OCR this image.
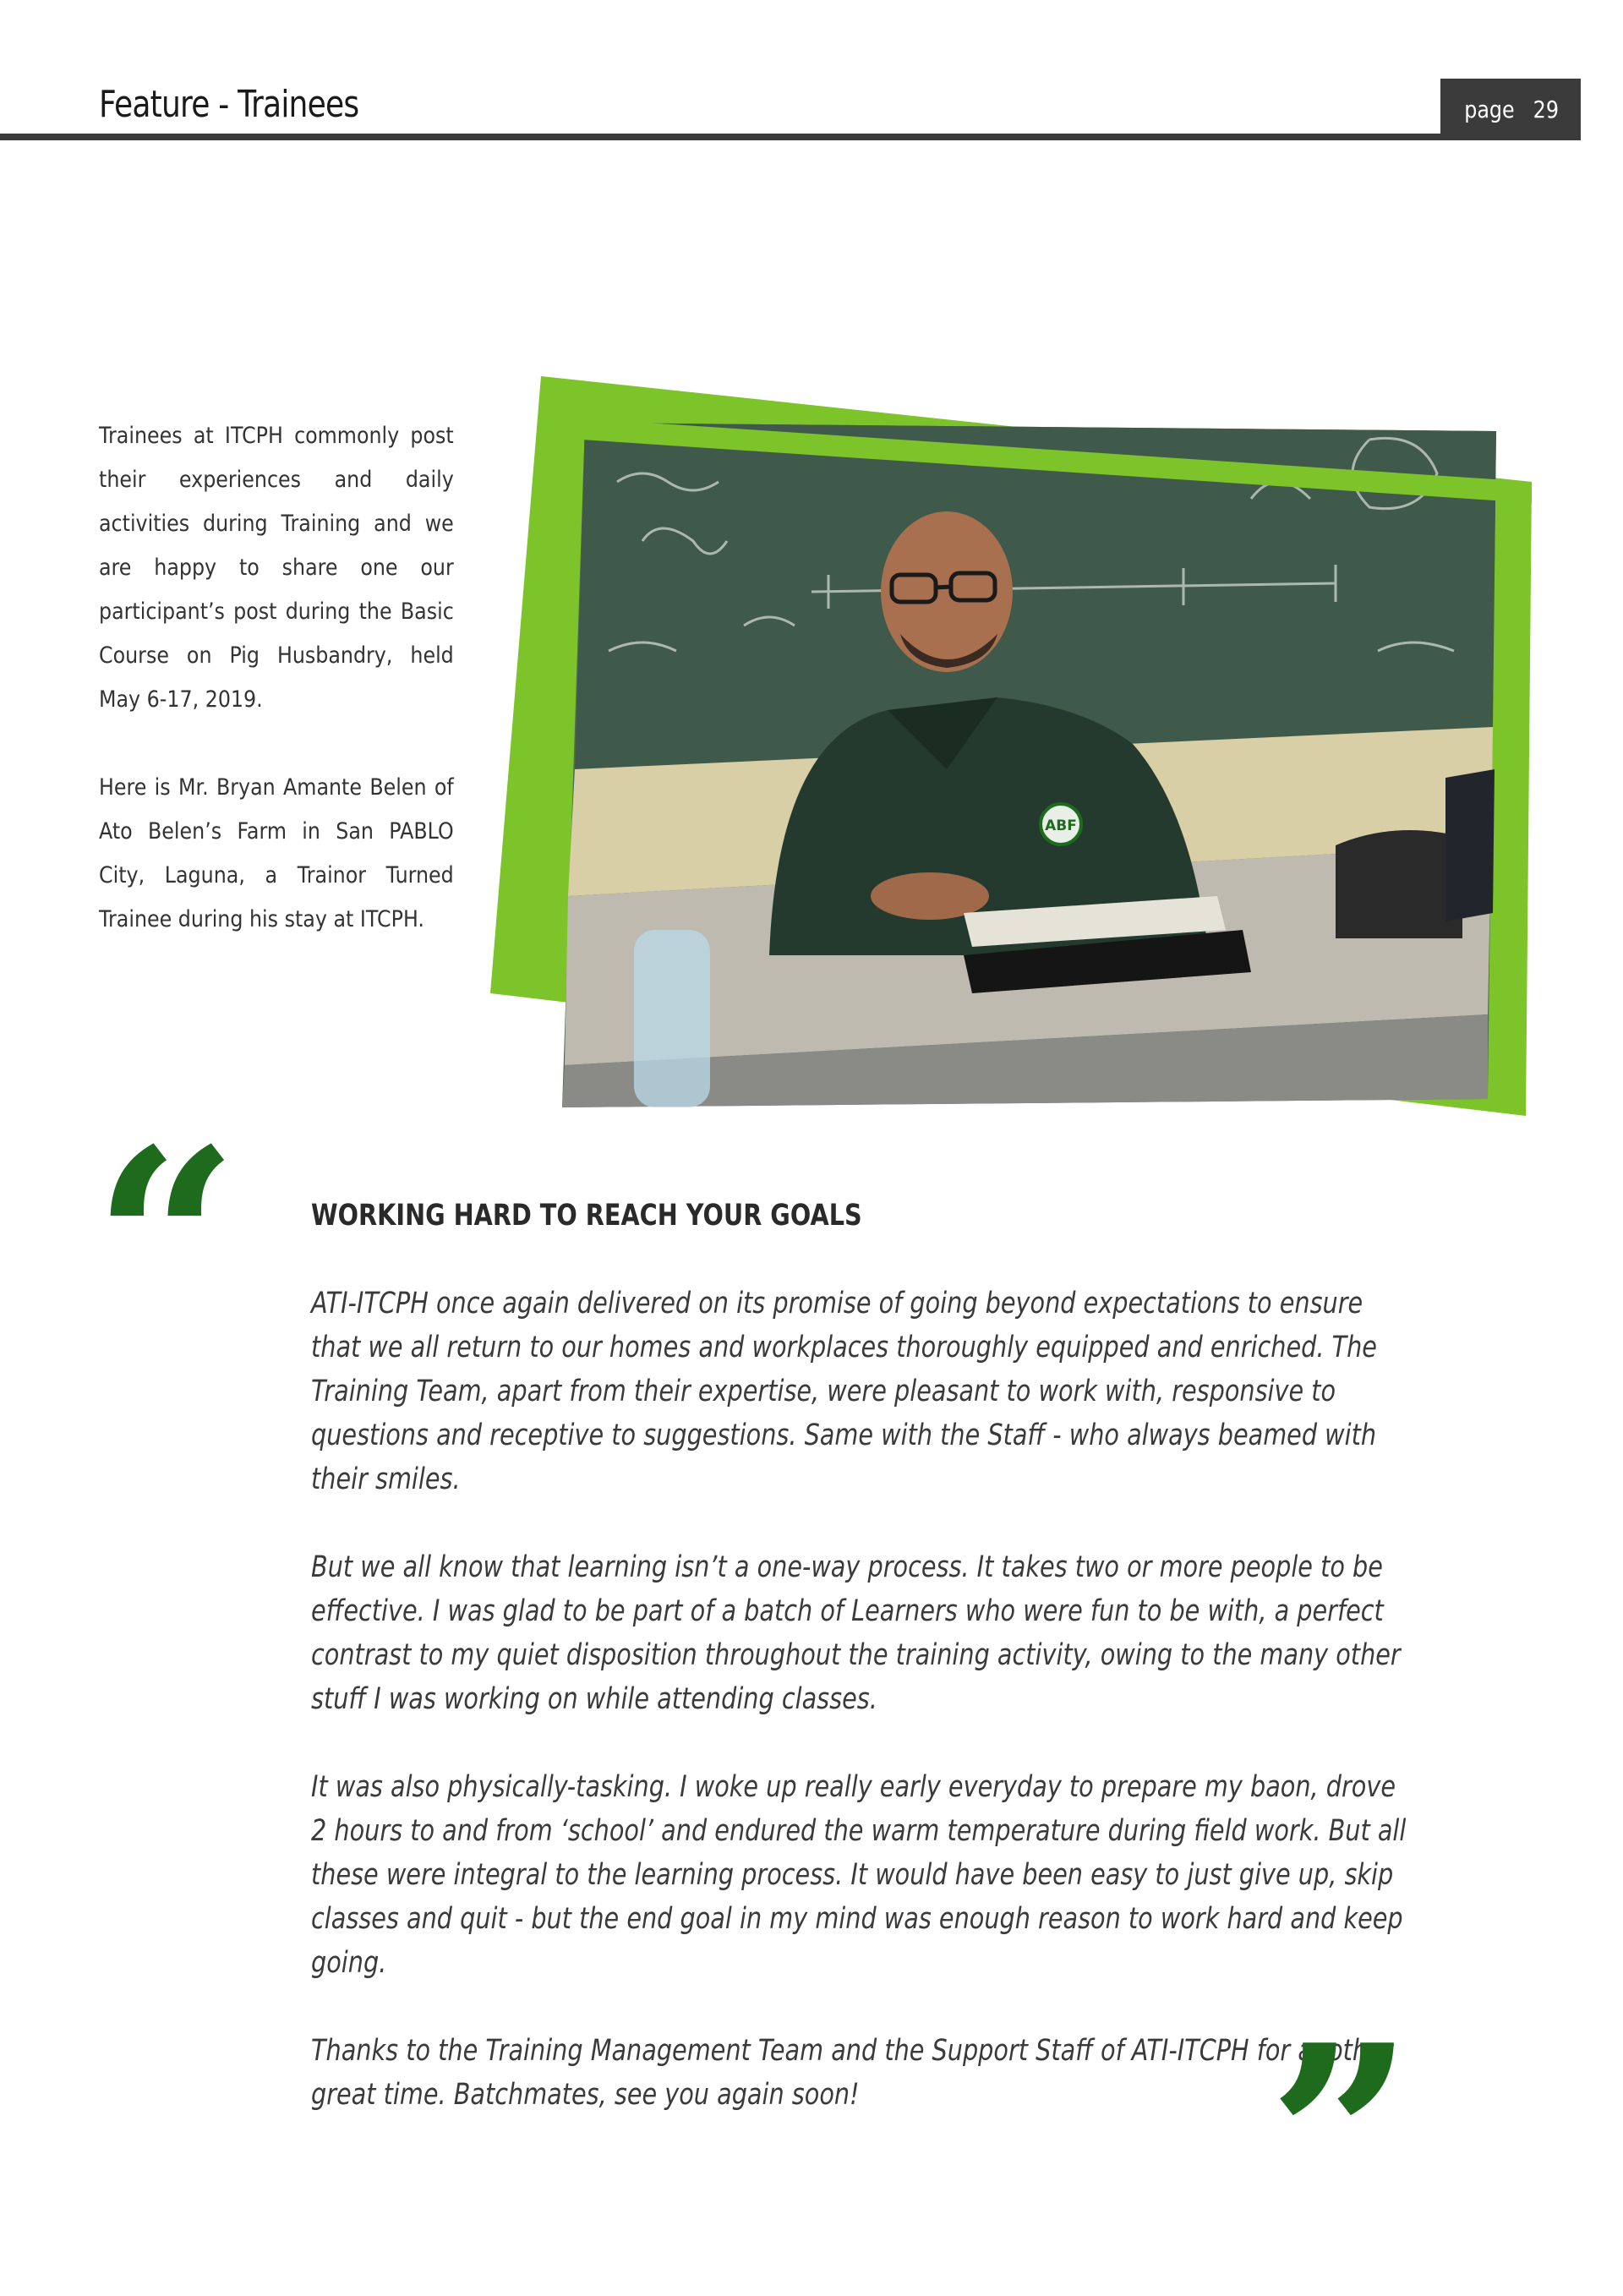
Feature - Trainees	page 29

Trainees at ITCPH commonly post their experiences and daily activities during Training and we are happy to share one our participant’s post during the Basic Course on Pig Husbandry, held May 6-17, 2019.

Here is Mr. Bryan Amante Belen of Ato Belen’s Farm in San PABLO City, Laguna, a Trainor Turned Trainee during his stay at ITCPH.

ABF
“ WORKING HARD TO REACH YOUR GOALS

ATI-ITCPH once again delivered on its promise of going beyond expectations to ensure that we all return to our homes and workplaces thoroughly equipped and enriched. The Training Team, apart from their expertise, were pleasant to work with, responsive to questions and receptive to suggestions. Same with the Staff - who always beamed with their smiles.

But we all know that learning isn’t a one-way process. It takes two or more people to be effective. I was glad to be part of a batch of Learners who were fun to be with, a perfect contrast to my quiet disposition throughout the training activity, owing to the many other stuff I was working on while attending classes.

It was also physically-tasking. I woke up really early everyday to prepare my baon, drove 2 hours to and from ‘school’ and endured the warm temperature during field work. But all these were integral to the learning process. It would have been easy to just give up, skip classes and quit - but the end goal in my mind was enough reason to work hard and keep going.

Thanks to the Training Management Team and the Support Staff of ATI-ITCPH for another great time. Batchmates, see you again soon!	”
